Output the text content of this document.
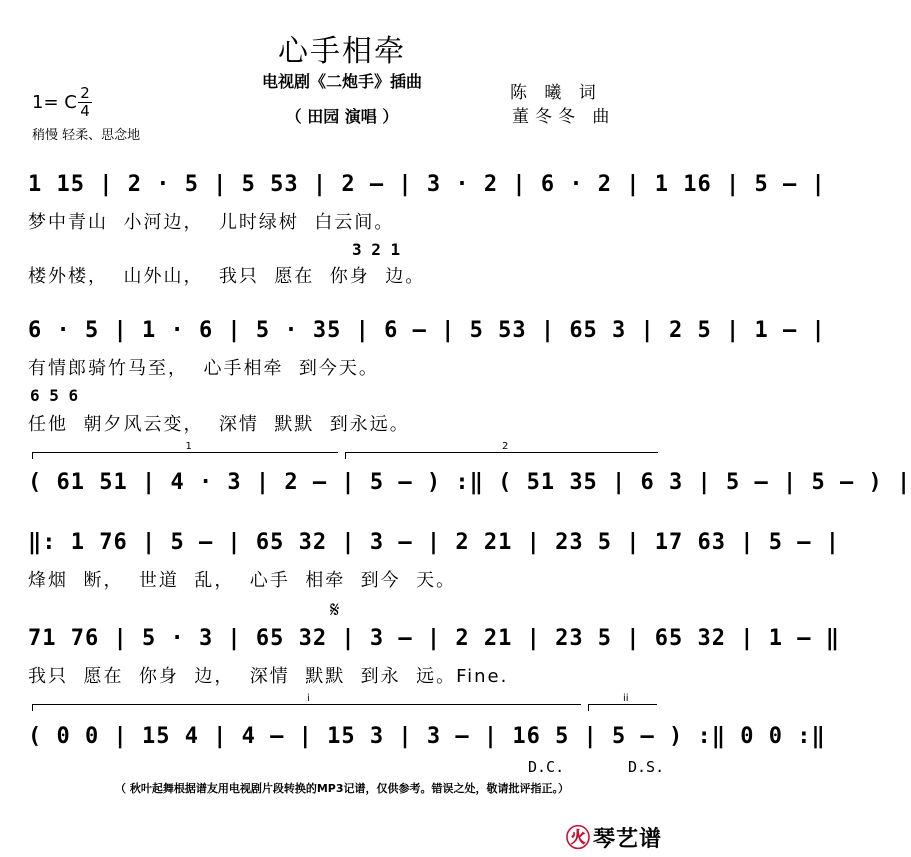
心手相牵
电视剧《二炮手》插曲
（ 田园 演唱 ）
陈 曦 词
董冬冬 曲
1= C 2
4
稍慢 轻柔、思念地
1 15 | 2 · 5 | 5 53 | 2 – | 3 · 2 | 6 · 2 | 1 16 | 5 – |
梦中青山  小河边，  儿时绿树  白云间。
3 2 1
楼外楼，  山外山，  我只  愿在  你身  边。
6 · 5 | 1 · 6 | 5 · 35 | 6 – | 5 53 | 65 3 | 2 5 | 1 – |
有情郎骑竹马至，  心手相牵  到今天。
6 5 6
任他  朝夕风云变，  深情  默默  到永远。
1	2
( 61 51 | 4 · 3 | 2 – | 5 – ) :‖ ( 51 35 | 6 3 | 5 – | 5 – ) |
‖: 1 76 | 5 – | 65 32 | 3 – | 2 21 | 23 5 | 17 63 | 5 – |
烽烟  断，  世道  乱，  心手  相牵  到今  天。
𝄋
71 76 | 5 · 3 | 65 32 | 3 – | 2 21 | 23 5 | 65 32 | 1 – ‖
我只  愿在  你身  边，  深情  默默  到永  远。Fine.
i	ii
( 0 0 | 15 4 | 4 – | 15 3 | 3 – | 16 5 | 5 – ) :‖ 0 0 :‖
D.C.	D.S.
（ 秋叶起舞根据谱友用电视剧片段转换的MP3记谱，仅供参考。错误之处，敬请批评指正。）
㊋琴艺谱
